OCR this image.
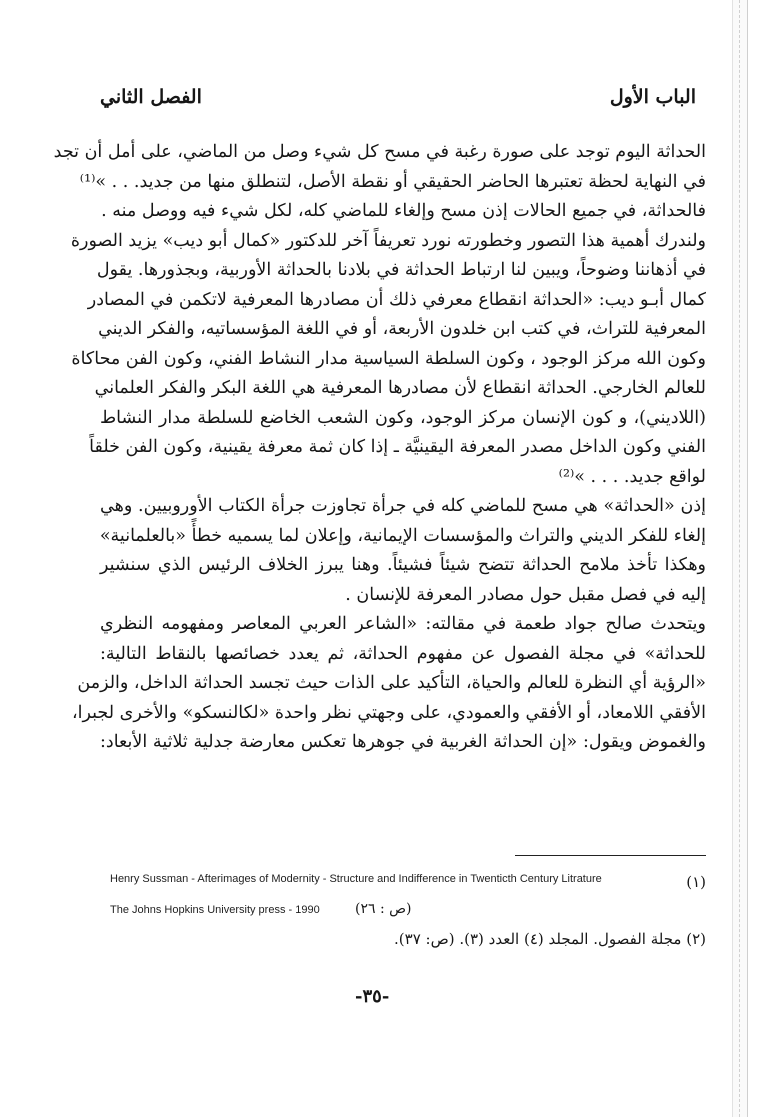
الباب الأول
الفصل الثاني
الحداثة اليوم توجد على صورة رغبة في مسح كل شيء وصل من الماضي، على أمل أن تجد
في النهاية لحظة تعتبرها الحاضر الحقيقي أو نقطة الأصل، لتنطلق منها من جديد. . . »⁽¹⁾
فالحداثة، في جميع الحالات إذن مسح وإلغاء للماضي كله، لكل شيء فيه ووصل منه .
ولندرك أهمية هذا التصور وخطورته نورد تعريفاً آخر للدكتور «كمال أبو ديب» يزيد الصورة
في أذهاننا وضوحاً، ويبين لنا ارتباط الحداثة في بلادنا بالحداثة الأوربية، وبجذورها. يقول
كمال أبـو ديب: «الحداثة انقطاع معرفي ذلك أن مصادرها المعرفية لاتكمن في المصادر
المعرفية للتراث، في كتب ابن خلدون الأربعة، أو في اللغة المؤسساتيه، والفكر الديني
وكون الله مركز الوجود ، وكون السلطة السياسية مدار النشاط الفني، وكون الفن محاكاة
للعالم الخارجي. الحداثة انقطاع لأن مصادرها المعرفية هي اللغة البكر والفكر العلماني
(اللاديني)، و كون الإنسان مركز الوجود، وكون الشعب الخاضع للسلطة مدار النشاط
الفني وكون الداخل مصدر المعرفة اليقينيَّة ـ إذا كان ثمة معرفة يقينية، وكون الفن خلقاً
لواقع جديد. . . . »⁽²⁾
إذن «الحداثة» هي مسح للماضي كله في جرأة تجاوزت جرأة الكتاب الأوروبيين. وهي
إلغاء للفكر الديني والتراث والمؤسسات الإيمانية، وإعلان لما يسميه خطأً «بالعلمانية»
وهكذا تأخذ ملامح الحداثة تتضح شيئاً فشيئاً. وهنا يبرز الخلاف الرئيس الذي سنشير
إليه في فصل مقبل حول مصادر المعرفة للإنسان .
ويتحدث صالح جواد طعمة في مقالته: «الشاعر العربي المعاصر ومفهومه النظري
للحداثة» في مجلة الفصول عن مفهوم الحداثة، ثم يعدد خصائصها بالنقاط التالية:
«الرؤية أي النظرة للعالم والحياة، التأكيد على الذات حيث تجسد الحداثة الداخل، والزمن
الأفقي اللامعاد، أو الأفقي والعمودي، على وجهتي نظر واحدة «لكالنسكو» والأخرى لجبرا،
والغموض ويقول: «إن الحداثة الغربية في جوهرها تعكس معارضة جدلية ثلاثية الأبعاد:
Henry Sussman - Afterimages of Modernity - Structure and Indifference in Twenticth Century Litrature	(١)
The Johns Hopkins University press - 1990	(ص : ٢٦)
(٢) مجلة الفصول. المجلد (٤) العدد (٣). (ص: ٣٧).
-٣٥-
